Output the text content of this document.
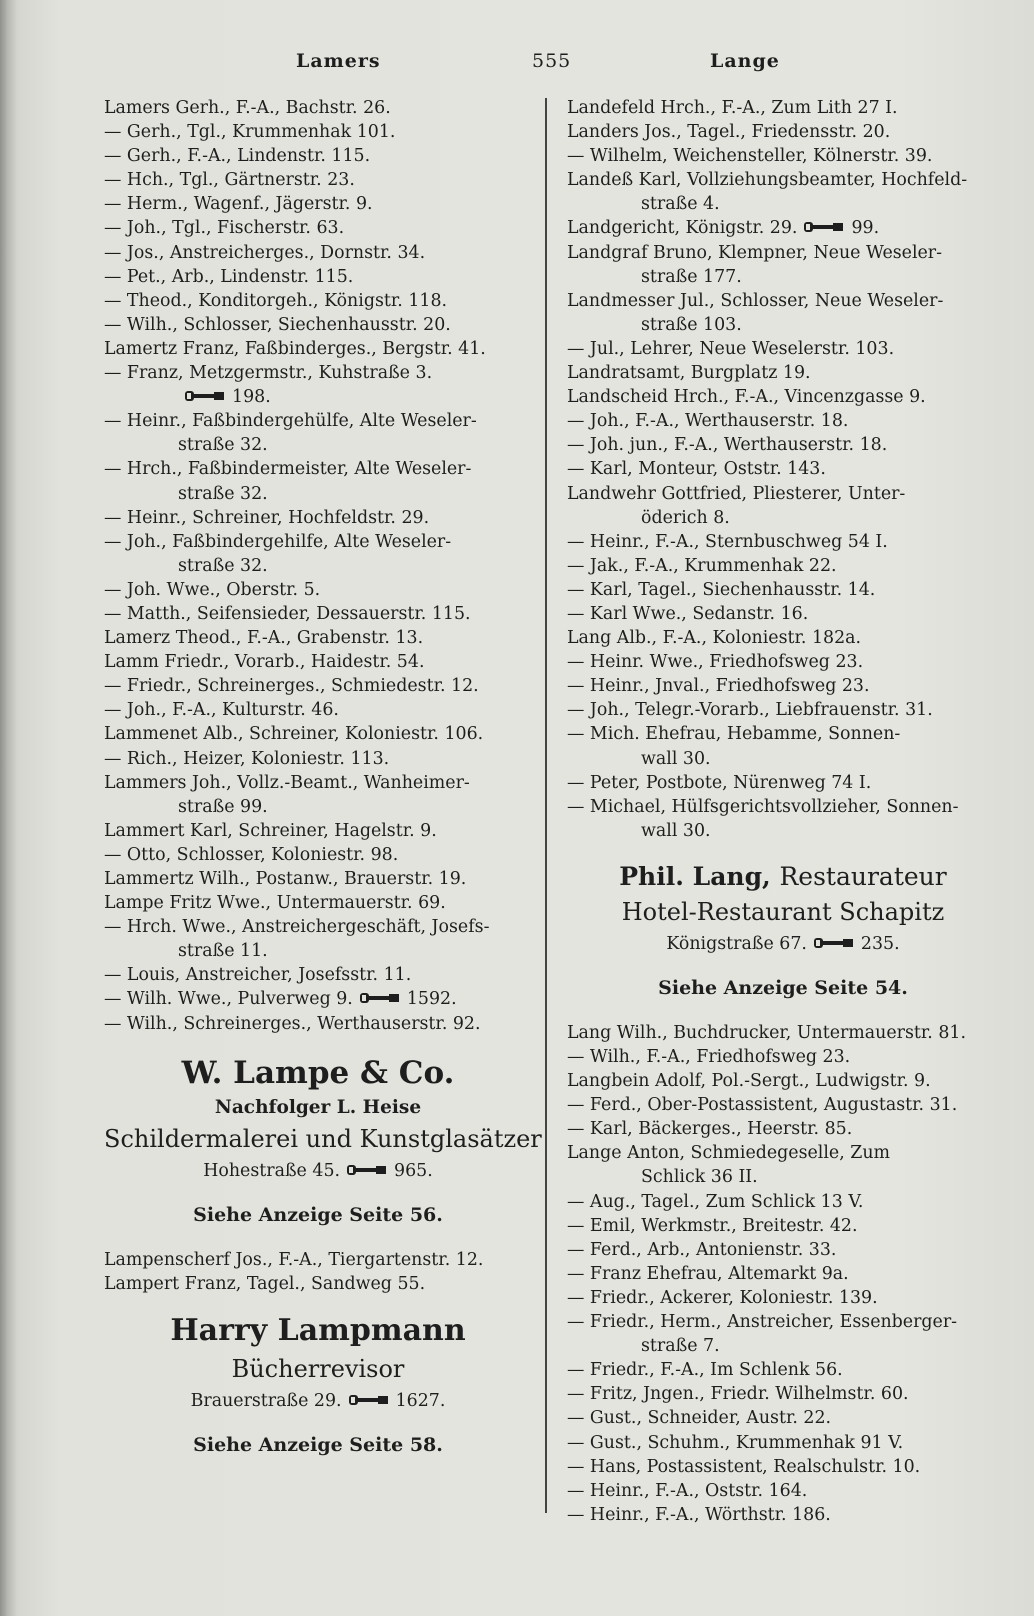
Lamers	555	Lange
Lamers Gerh., F.-A., Bachstr. 26.
— Gerh., Tgl., Krummenhak 101.
— Gerh., F.-A., Lindenstr. 115.
— Hch., Tgl., Gärtnerstr. 23.
— Herm., Wagenf., Jägerstr. 9.
— Joh., Tgl., Fischerstr. 63.
— Jos., Anstreicherges., Dornstr. 34.
— Pet., Arb., Lindenstr. 115.
— Theod., Konditorgeh., Königstr. 118.
— Wilh., Schlosser, Siechenhausstr. 20.
Lamertz Franz, Faßbinderges., Bergstr. 41.
— Franz, Metzgermstr., Kuhstraße 3.
198.
— Heinr., Faßbindergehülfe, Alte Weseler-
straße 32.
— Hrch., Faßbindermeister, Alte Weseler-
straße 32.
— Heinr., Schreiner, Hochfeldstr. 29.
— Joh., Faßbindergehilfe, Alte Weseler-
straße 32.
— Joh. Wwe., Oberstr. 5.
— Matth., Seifensieder, Dessauerstr. 115.
Lamerz Theod., F.-A., Grabenstr. 13.
Lamm Friedr., Vorarb., Haidestr. 54.
— Friedr., Schreinerges., Schmiedestr. 12.
— Joh., F.-A., Kulturstr. 46.
Lammenet Alb., Schreiner, Koloniestr. 106.
— Rich., Heizer, Koloniestr. 113.
Lammers Joh., Vollz.-Beamt., Wanheimer-
straße 99.
Lammert Karl, Schreiner, Hagelstr. 9.
— Otto, Schlosser, Koloniestr. 98.
Lammertz Wilh., Postanw., Brauerstr. 19.
Lampe Fritz Wwe., Untermauerstr. 69.
— Hrch. Wwe., Anstreichergeschäft, Josefs-
straße 11.
— Louis, Anstreicher, Josefsstr. 11.
— Wilh. Wwe., Pulverweg 9.	1592.
— Wilh., Schreinerges., Werthauserstr. 92.
W. Lampe & Co.
Nachfolger L. Heise
Schildermalerei und Kunstglasätzer
Hohestraße 45.	965.
Siehe Anzeige Seite 56.
Lampenscherf Jos., F.-A., Tiergartenstr. 12.
Lampert Franz, Tagel., Sandweg 55.
Harry Lampmann
Bücherrevisor
Brauerstraße 29.	1627.
Siehe Anzeige Seite 58.
Landefeld Hrch., F.-A., Zum Lith 27 I.
Landers Jos., Tagel., Friedensstr. 20.
— Wilhelm, Weichensteller, Kölnerstr. 39.
Landeß Karl, Vollziehungsbeamter, Hochfeld-
straße 4.
Landgericht, Königstr. 29.	99.
Landgraf Bruno, Klempner, Neue Weseler-
straße 177.
Landmesser Jul., Schlosser, Neue Weseler-
straße 103.
— Jul., Lehrer, Neue Weselerstr. 103.
Landratsamt, Burgplatz 19.
Landscheid Hrch., F.-A., Vincenzgasse 9.
— Joh., F.-A., Werthauserstr. 18.
— Joh. jun., F.-A., Werthauserstr. 18.
— Karl, Monteur, Oststr. 143.
Landwehr Gottfried, Pliesterer, Unter-
öderich 8.
— Heinr., F.-A., Sternbuschweg 54 I.
— Jak., F.-A., Krummenhak 22.
— Karl, Tagel., Siechenhausstr. 14.
— Karl Wwe., Sedanstr. 16.
Lang Alb., F.-A., Koloniestr. 182a.
— Heinr. Wwe., Friedhofsweg 23.
— Heinr., Jnval., Friedhofsweg 23.
— Joh., Telegr.-Vorarb., Liebfrauenstr. 31.
— Mich. Ehefrau, Hebamme, Sonnen-
wall 30.
— Peter, Postbote, Nürenweg 74 I.
— Michael, Hülfsgerichtsvollzieher, Sonnen-
wall 30.
Phil. Lang, Restaurateur
Hotel-Restaurant Schapitz
Königstraße 67.	235.
Siehe Anzeige Seite 54.
Lang Wilh., Buchdrucker, Untermauerstr. 81.
— Wilh., F.-A., Friedhofsweg 23.
Langbein Adolf, Pol.-Sergt., Ludwigstr. 9.
— Ferd., Ober-Postassistent, Augustastr. 31.
— Karl, Bäckerges., Heerstr. 85.
Lange Anton, Schmiedegeselle, Zum
Schlick 36 II.
— Aug., Tagel., Zum Schlick 13 V.
— Emil, Werkmstr., Breitestr. 42.
— Ferd., Arb., Antonienstr. 33.
— Franz Ehefrau, Altemarkt 9a.
— Friedr., Ackerer, Koloniestr. 139.
— Friedr., Herm., Anstreicher, Essenberger-
straße 7.
— Friedr., F.-A., Im Schlenk 56.
— Fritz, Jngen., Friedr. Wilhelmstr. 60.
— Gust., Schneider, Austr. 22.
— Gust., Schuhm., Krummenhak 91 V.
— Hans, Postassistent, Realschulstr. 10.
— Heinr., F.-A., Oststr. 164.
— Heinr., F.-A., Wörthstr. 186.
